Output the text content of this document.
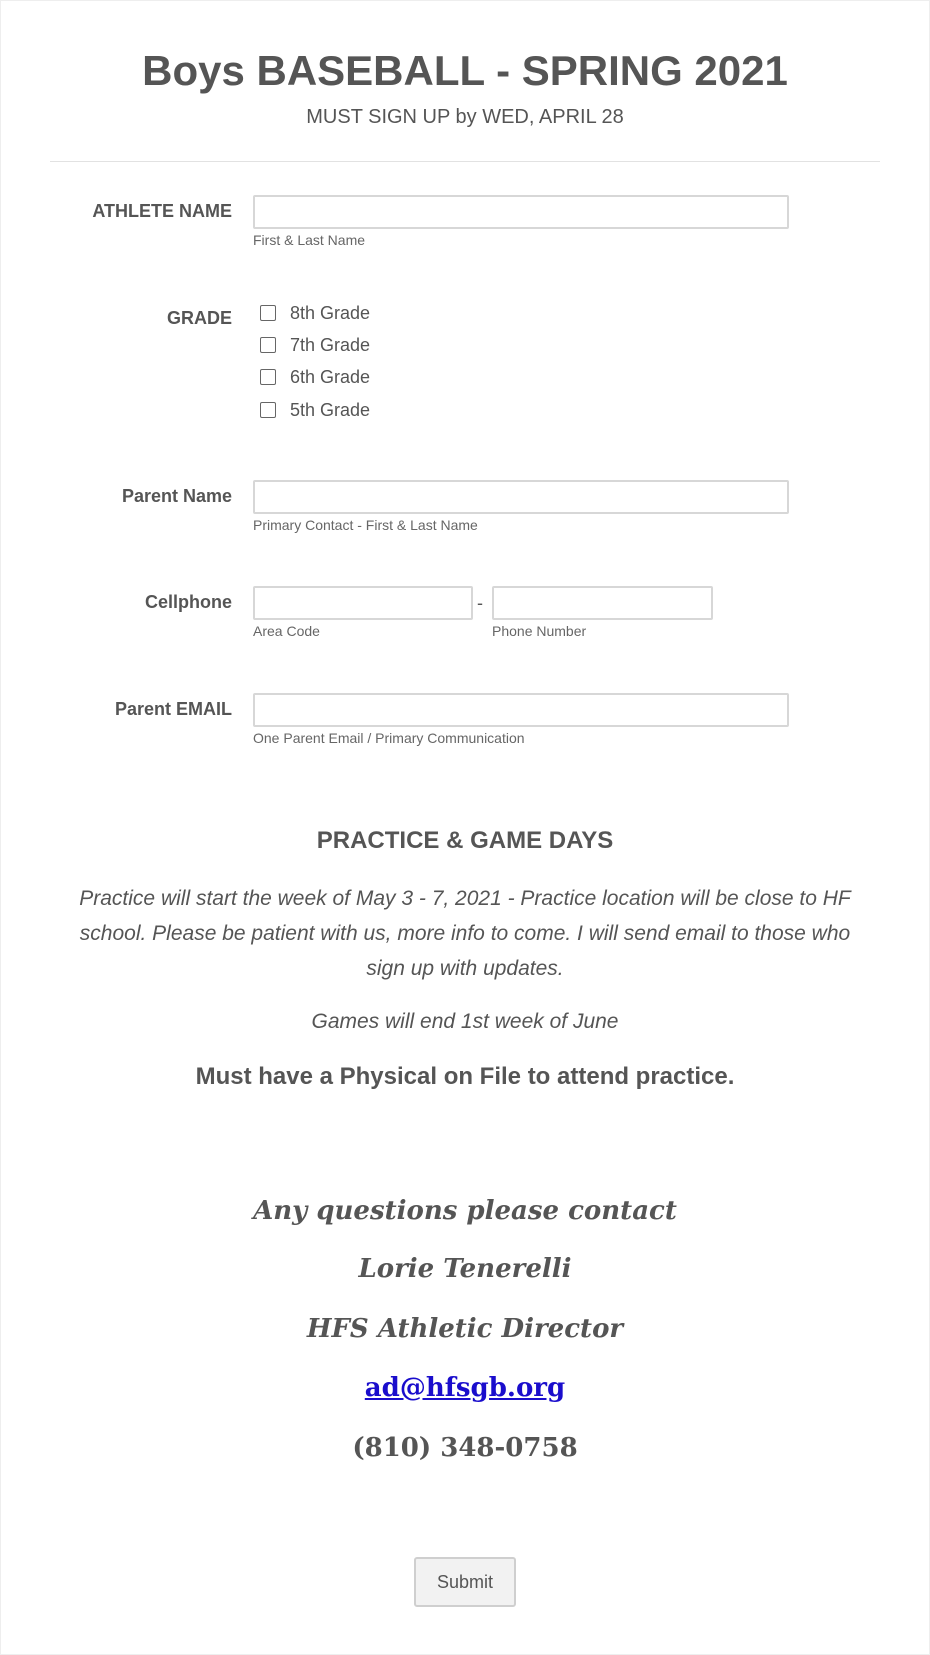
Boys BASEBALL - SPRING 2021

MUST SIGN UP by WED, APRIL 28

ATHLETE NAME
First & Last Name
GRADE	8th Grade
7th Grade
6th Grade
5th Grade
Parent Name
Primary Contact - First & Last Name
Cellphone	-
Area Code	Phone Number
Parent EMAIL
One Parent Email / Primary Communication
PRACTICE & GAME DAYS

Practice will start the week of May 3 - 7, 2021 - Practice location will be close to HF school. Please be patient with us, more info to come. I will send email to those who sign up with updates.

Games will end 1st week of June
Must have a Physical on File to attend practice.
Any questions please contact
Lorie Tenerelli
HFS Athletic Director
ad@hfsgb.org
(810) 348-0758
Submit
